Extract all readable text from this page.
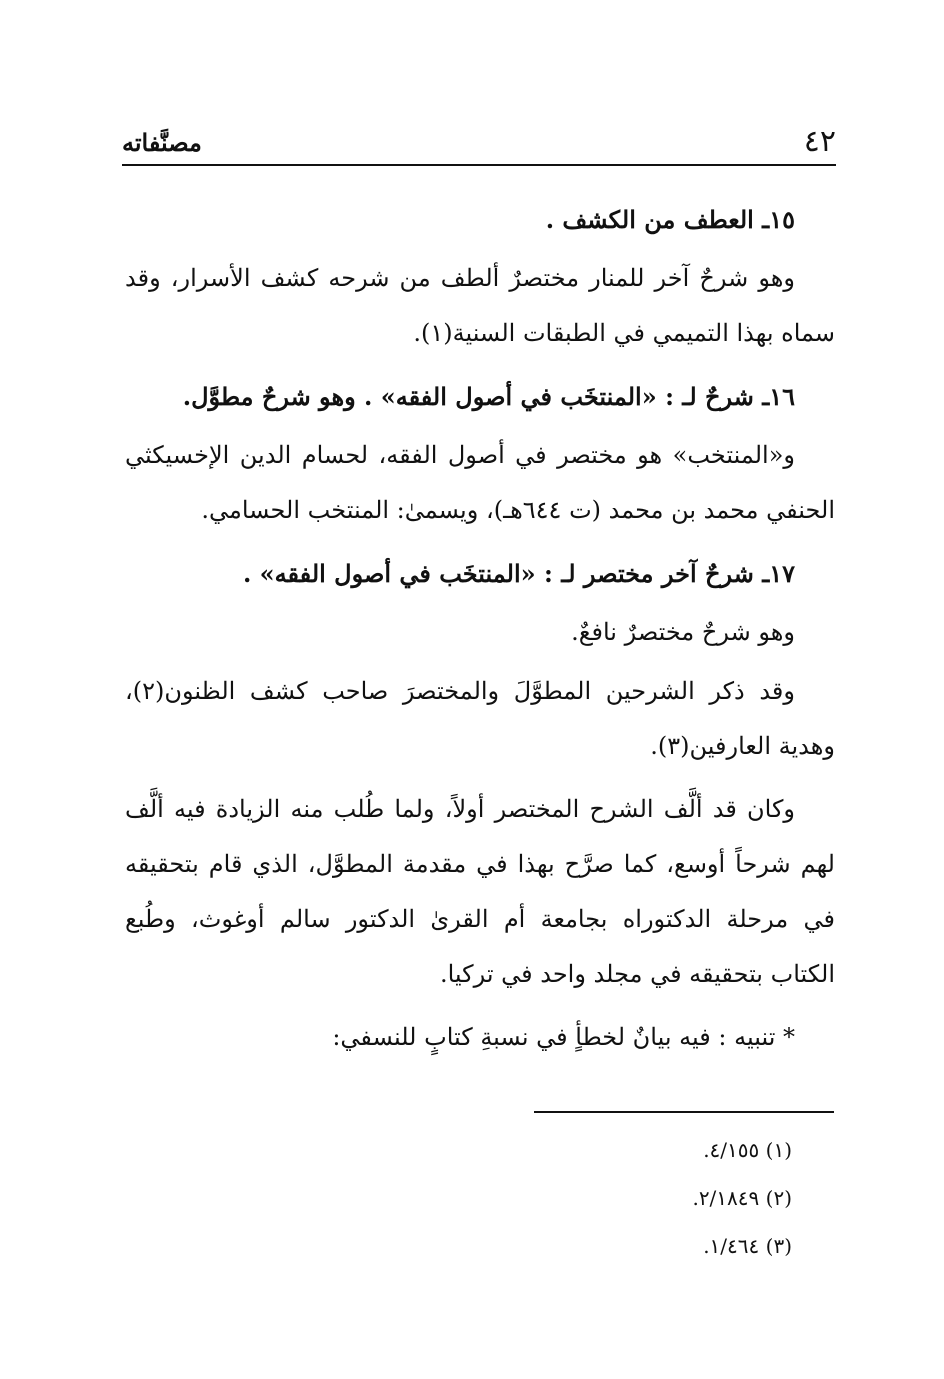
٤٢
مصنَّفاته

١٥ـ العطف من الكشف .

وهو شرحٌ آخر للمنار مختصرٌ ألطف من شرحه كشف الأسرار، وقد سماه بهذا التميمي في الطبقات السنية(١).

١٦ـ شرحٌ لـ : «المنتخَب في أصول الفقه» . وهو شرحٌ مطوَّل.

و«المنتخب» هو مختصر في أصول الفقه، لحسام الدين الإخسيكثي الحنفي محمد بن محمد (ت ٦٤٤هـ)، ويسمىٰ: المنتخب الحسامي.

١٧ـ شرحٌ آخر مختصر لـ : «المنتخَب في أصول الفقه» .

وهو شرحٌ مختصرٌ نافعٌ.

وقد ذكر الشرحين المطوَّلَ والمختصرَ صاحب كشف الظنون(٢)، وهدية العارفين(٣).

وكان قد ألَّف الشرح المختصر أولاً، ولما طُلب منه الزيادة فيه ألَّف لهم شرحاً أوسع، كما صرَّح بهذا في مقدمة المطوَّل، الذي قام بتحقيقه في مرحلة الدكتوراه بجامعة أم القرىٰ الدكتور سالم أوغوث، وطُبع الكتاب بتحقيقه في مجلد واحد في تركيا.

* تنبيه : فيه بيانٌ لخطأٍ في نسبةِ كتابٍ للنسفي:

(١) ٤/١٥٥.
(٢) ٢/١٨٤٩.
(٣) ١/٤٦٤.
